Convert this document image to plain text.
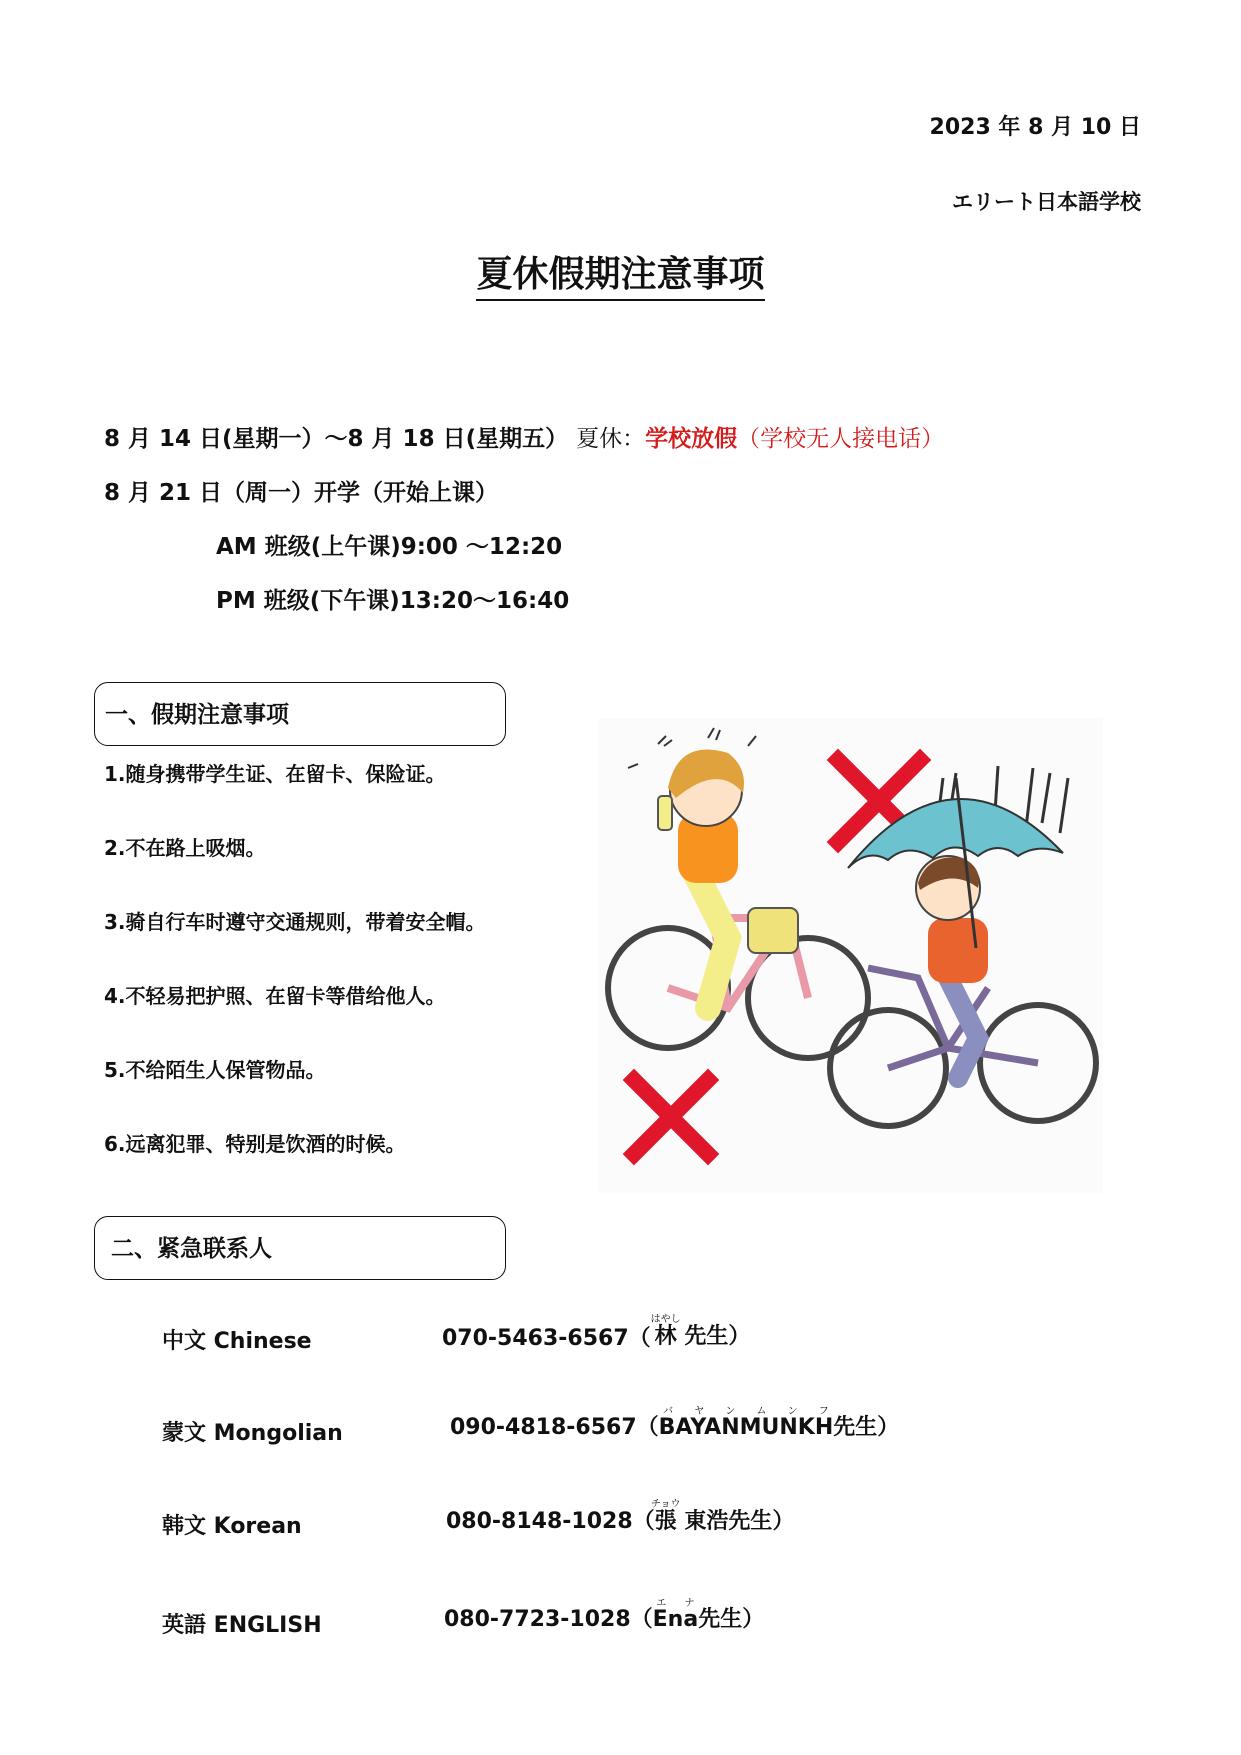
2023 年 8 月 10 日
エリート日本語学校
夏休假期注意事项
8 月 14 日(星期一）～8 月 18 日(星期五） 夏休：学校放假（学校无人接电话）
8 月 21 日（周一）开学（开始上课）
AM 班级(上午课)9:00 ～12:20
PM 班级(下午课)13:20～16:40
一、假期注意事项
1.随身携带学生证、在留卡、保险证。
2.不在路上吸烟。
3.骑自行车时遵守交通规则，带着安全帽。
4.不轻易把护照、在留卡等借给他人。
5.不给陌生人保管物品。
6.远离犯罪、特别是饮酒的时候。
二、紧急联系人
中文 Chinese	070-5463-6567（林はやし 先生）
蒙文 Mongolian	090-4818-6567（BAYANMUNKHバ ヤ ン ム ン フ先生）
韩文 Korean	080-8148-1028（張チョウ 東浩先生）
英語 ENGLISH	080-7723-1028（Enaエ ナ先生）
